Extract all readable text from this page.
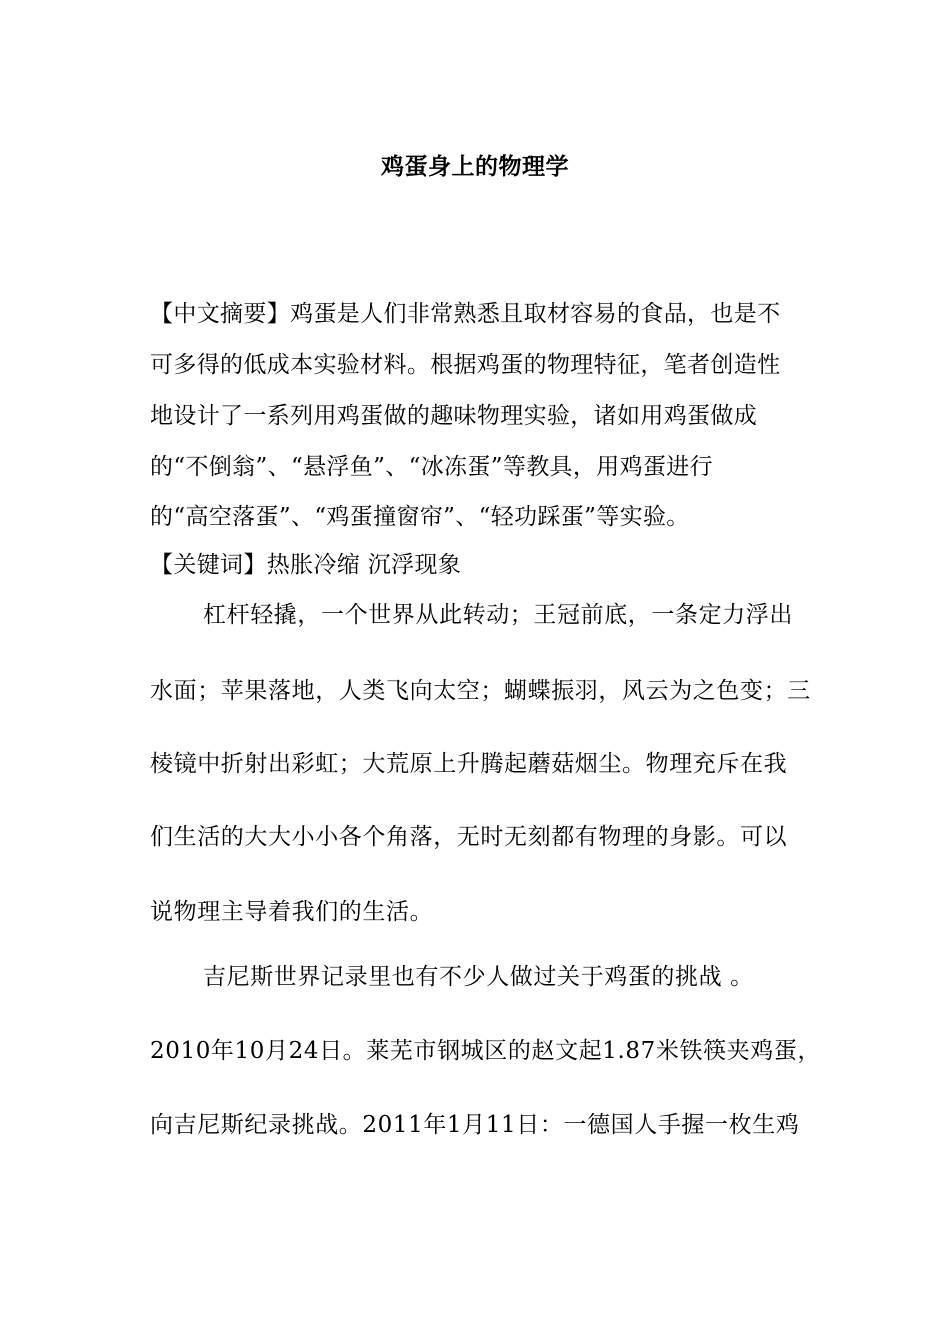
鸡蛋身上的物理学
【中文摘要】鸡蛋是人们非常熟悉且取材容易的食品，也是不
可多得的低成本实验材料。根据鸡蛋的物理特征，笔者创造性
地设计了一系列用鸡蛋做的趣味物理实验，诸如用鸡蛋做成
的“不倒翁”、“悬浮鱼”、“冰冻蛋”等教具，用鸡蛋进行
的“高空落蛋”、“鸡蛋撞窗帘”、“轻功踩蛋”等实验。
【关键词】热胀冷缩 沉浮现象
杠杆轻撬，一个世界从此转动；王冠前底，一条定力浮出
水面；苹果落地，人类飞向太空；蝴蝶振羽，风云为之色变；三
棱镜中折射出彩虹；大荒原上升腾起蘑菇烟尘。物理充斥在我
们生活的大大小小各个角落，无时无刻都有物理的身影。可以
说物理主导着我们的生活。
吉尼斯世界记录里也有不少人做过关于鸡蛋的挑战 。
2010年10月24日。莱芜市钢城区的赵文起1.87米铁筷夹鸡蛋，
向吉尼斯纪录挑战。2011年1月11日：一德国人手握一枚生鸡
